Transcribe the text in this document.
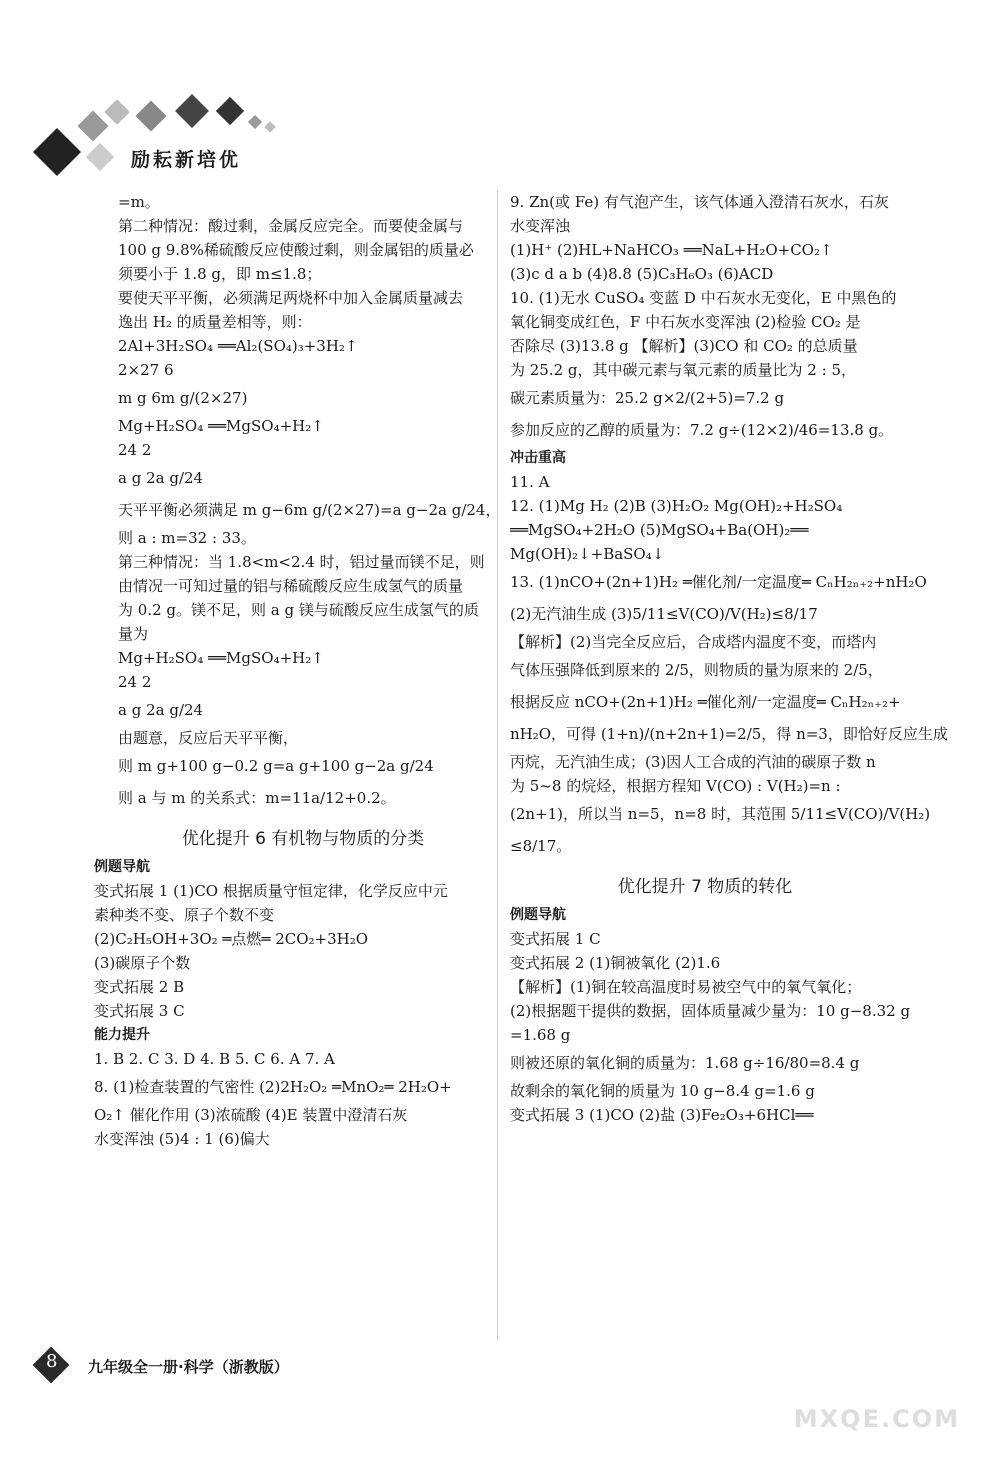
励耘新培优
=m。
第二种情况：酸过剩，金属反应完全。而要使金属与
100 g 9.8%稀硫酸反应使酸过剩，则金属铝的质量必
须要小于 1.8 g，即 m≤1.8；
要使天平平衡，必须满足两烧杯中加入金属质量减去
逸出 H₂ 的质量差相等，则：
2Al+3H₂SO₄ ══Al₂(SO₄)₃+3H₂↑
2×27 6
m g 6m g/(2×27)
Mg+H₂SO₄ ══MgSO₄+H₂↑
24 2
a g 2a g/24
天平平衡必须满足 m g−6m g/(2×27)=a g−2a g/24，
则 a : m=32 : 33。
第三种情况：当 1.8<m<2.4 时，铝过量而镁不足，则
由情况一可知过量的铝与稀硫酸反应生成氢气的质量
为 0.2 g。镁不足，则 a g 镁与硫酸反应生成氢气的质
量为
Mg+H₂SO₄ ══MgSO₄+H₂↑
24 2
a g 2a g/24
由题意，反应后天平平衡，
则 m g+100 g−0.2 g=a g+100 g−2a g/24
则 a 与 m 的关系式：m=11a/12+0.2。
优化提升 6 有机物与物质的分类
例题导航
变式拓展 1 (1)CO 根据质量守恒定律，化学反应中元
素种类不变、原子个数不变
(2)C₂H₅OH+3O₂ ═点燃═ 2CO₂+3H₂O
(3)碳原子个数
变式拓展 2 B
变式拓展 3 C
能力提升
1. B 2. C 3. D 4. B 5. C 6. A 7. A
8. (1)检查装置的气密性 (2)2H₂O₂ ═MnO₂═ 2H₂O+
O₂↑ 催化作用 (3)浓硫酸 (4)E 装置中澄清石灰
水变浑浊 (5)4 : 1 (6)偏大
9. Zn(或 Fe) 有气泡产生，该气体通入澄清石灰水，石灰
水变浑浊
(1)H⁺ (2)HL+NaHCO₃ ══NaL+H₂O+CO₂↑
(3)c d a b (4)8.8 (5)C₃H₆O₃ (6)ACD
10. (1)无水 CuSO₄ 变蓝 D 中石灰水无变化，E 中黑色的
氧化铜变成红色，F 中石灰水变浑浊 (2)检验 CO₂ 是
否除尽 (3)13.8 g 【解析】(3)CO 和 CO₂ 的总质量
为 25.2 g，其中碳元素与氧元素的质量比为 2 : 5，
碳元素质量为：25.2 g×2/(2+5)=7.2 g
参加反应的乙醇的质量为：7.2 g÷(12×2)/46=13.8 g。
冲击重高
11. A
12. (1)Mg H₂ (2)B (3)H₂O₂ Mg(OH)₂+H₂SO₄
══MgSO₄+2H₂O (5)MgSO₄+Ba(OH)₂══
Mg(OH)₂↓+BaSO₄↓
13. (1)nCO+(2n+1)H₂ ═催化剂/一定温度═ CₙH₂ₙ₊₂+nH₂O
(2)无汽油生成 (3)5/11≤V(CO)/V(H₂)≤8/17
【解析】(2)当完全反应后，合成塔内温度不变，而塔内
气体压强降低到原来的 2/5，则物质的量为原来的 2/5，
根据反应 nCO+(2n+1)H₂ ═催化剂/一定温度═ CₙH₂ₙ₊₂+
nH₂O，可得 (1+n)/(n+2n+1)=2/5，得 n=3，即恰好反应生成
丙烷，无汽油生成；(3)因人工合成的汽油的碳原子数 n
为 5~8 的烷烃，根据方程知 V(CO) : V(H₂)=n :
(2n+1)，所以当 n=5，n=8 时，其范围 5/11≤V(CO)/V(H₂)
≤8/17。
优化提升 7 物质的转化
例题导航
变式拓展 1 C
变式拓展 2 (1)铜被氧化 (2)1.6
【解析】(1)铜在较高温度时易被空气中的氧气氧化；
(2)根据题干提供的数据，固体质量减少量为：10 g−8.32 g
=1.68 g
则被还原的氧化铜的质量为：1.68 g÷16/80=8.4 g
故剩余的氧化铜的质量为 10 g−8.4 g=1.6 g
变式拓展 3 (1)CO (2)盐 (3)Fe₂O₃+6HCl══
8 九年级全一册·科学（浙教版）
MXQE.COM
